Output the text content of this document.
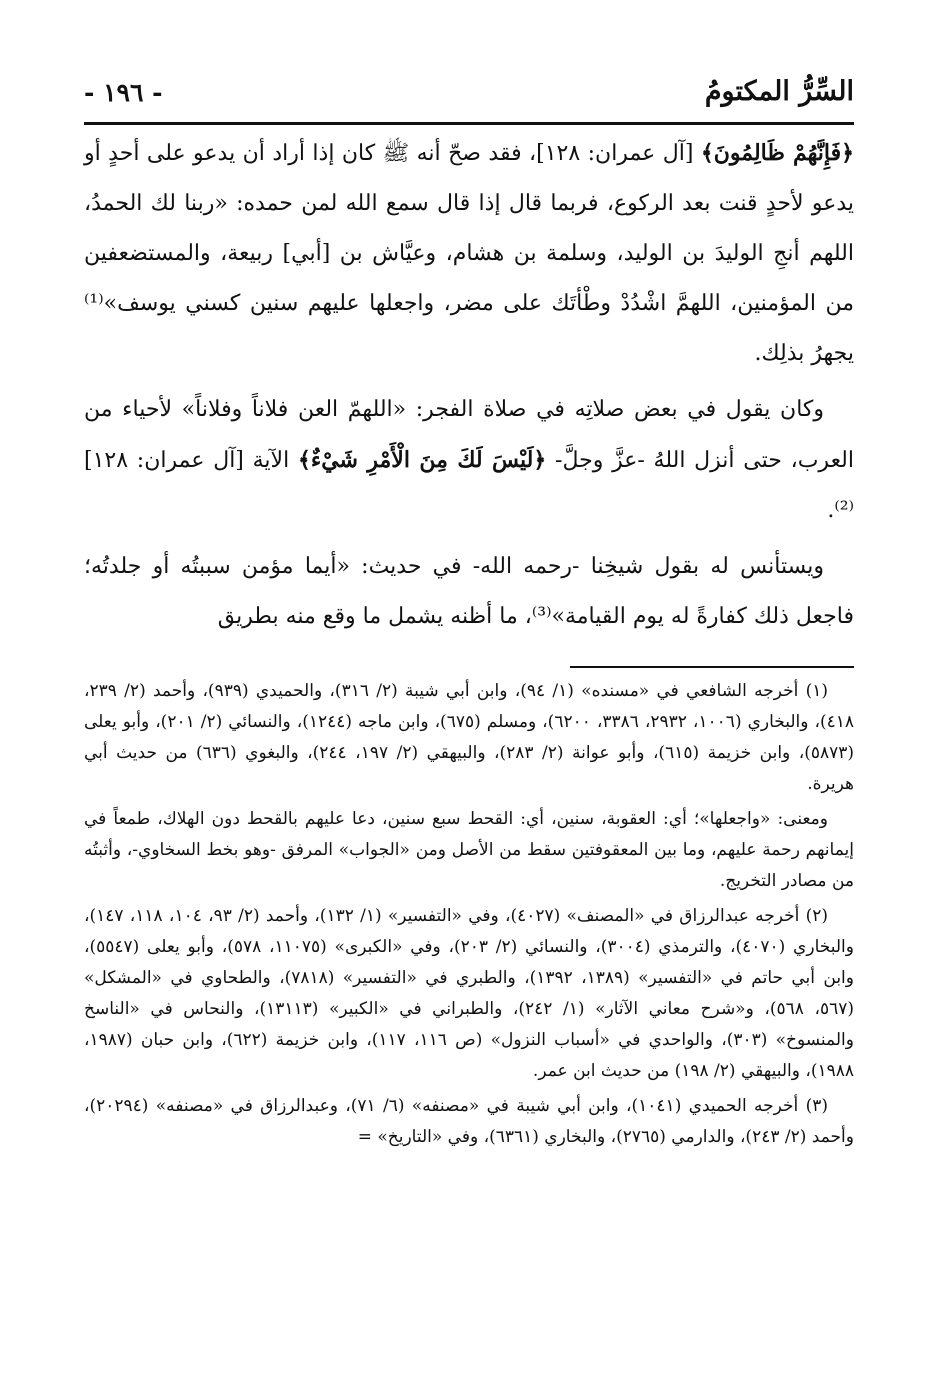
السِّرُّ المكتومُ
- ١٩٦ -

﴿فَإِنَّهُمْ ظَالِمُونَ﴾ [آل عمران: ١٢٨]، فقد صحّ أنه ﷺ كان إذا أراد أن يدعو على أحدٍ أو يدعو لأحدٍ قنت بعد الركوع، فربما قال إذا قال سمع الله لمن حمده: «ربنا لك الحمدُ، اللهم أنجِ الوليدَ بن الوليد، وسلمة بن هشام، وعيَّاش بن [أبي] ربيعة، والمستضعفين من المؤمنين، اللهمَّ اشْدُدْ وطْأتَك على مضر، واجعلها عليهم سنين كسني يوسف»⁽¹⁾ يجهرُ بذلِك.

وكان يقول في بعض صلاتِه في صلاة الفجر: «اللهمّ العن فلاناً وفلاناً» لأحياء من العرب، حتى أنزل اللهُ -عزَّ وجلَّ- ﴿لَيْسَ لَكَ مِنَ الْأَمْرِ شَيْءٌ﴾ الآية [آل عمران: ١٢٨]⁽²⁾.

ويستأنس له بقول شيخِنا -رحمه الله- في حديث: «أيما مؤمن سببتُه أو جلدتُه؛ فاجعل ذلك كفارةً له يوم القيامة»⁽³⁾، ما أظنه يشمل ما وقع منه بطريق

(١) أخرجه الشافعي في «مسنده» (١/ ٩٤)، وابن أبي شيبة (٢/ ٣١٦)، والحميدي (٩٣٩)، وأحمد (٢/ ٢٣٩، ٤١٨)، والبخاري (١٠٠٦، ٢٩٣٢، ٣٣٨٦، ٦٢٠٠)، ومسلم (٦٧٥)، وابن ماجه (١٢٤٤)، والنسائي (٢/ ٢٠١)، وأبو يعلى (٥٨٧٣)، وابن خزيمة (٦١٥)، وأبو عوانة (٢/ ٢٨٣)، والبيهقي (٢/ ١٩٧، ٢٤٤)، والبغوي (٦٣٦) من حديث أبي هريرة.

ومعنى: «واجعلها»؛ أي: العقوبة، سنين، أي: القحط سبع سنين، دعا عليهم بالقحط دون الهلاك، طمعاً في إيمانهم رحمة عليهم، وما بين المعقوفتين سقط من الأصل ومن «الجواب» المرفق -وهو بخط السخاوي-، وأثبتُه من مصادر التخريج.

(٢) أخرجه عبدالرزاق في «المصنف» (٤٠٢٧)، وفي «التفسير» (١/ ١٣٢)، وأحمد (٢/ ٩٣، ١٠٤، ١١٨، ١٤٧)، والبخاري (٤٠٧٠)، والترمذي (٣٠٠٤)، والنسائي (٢/ ٢٠٣)، وفي «الكبرى» (١١٠٧٥، ٥٧٨)، وأبو يعلى (٥٥٤٧)، وابن أبي حاتم في «التفسير» (١٣٨٩، ١٣٩٢)، والطبري في «التفسير» (٧٨١٨)، والطحاوي في «المشكل» (٥٦٧، ٥٦٨)، و«شرح معاني الآثار» (١/ ٢٤٢)، والطبراني في «الكبير» (١٣١١٣)، والنحاس في «الناسخ والمنسوخ» (٣٠٣)، والواحدي في «أسباب النزول» (ص ١١٦، ١١٧)، وابن خزيمة (٦٢٢)، وابن حبان (١٩٨٧، ١٩٨٨)، والبيهقي (٢/ ١٩٨) من حديث ابن عمر.

(٣) أخرجه الحميدي (١٠٤١)، وابن أبي شيبة في «مصنفه» (٦/ ٧١)، وعبدالرزاق في «مصنفه» (٢٠٢٩٤)، وأحمد (٢/ ٢٤٣)، والدارمي (٢٧٦٥)، والبخاري (٦٣٦١)، وفي «التاريخ» =
